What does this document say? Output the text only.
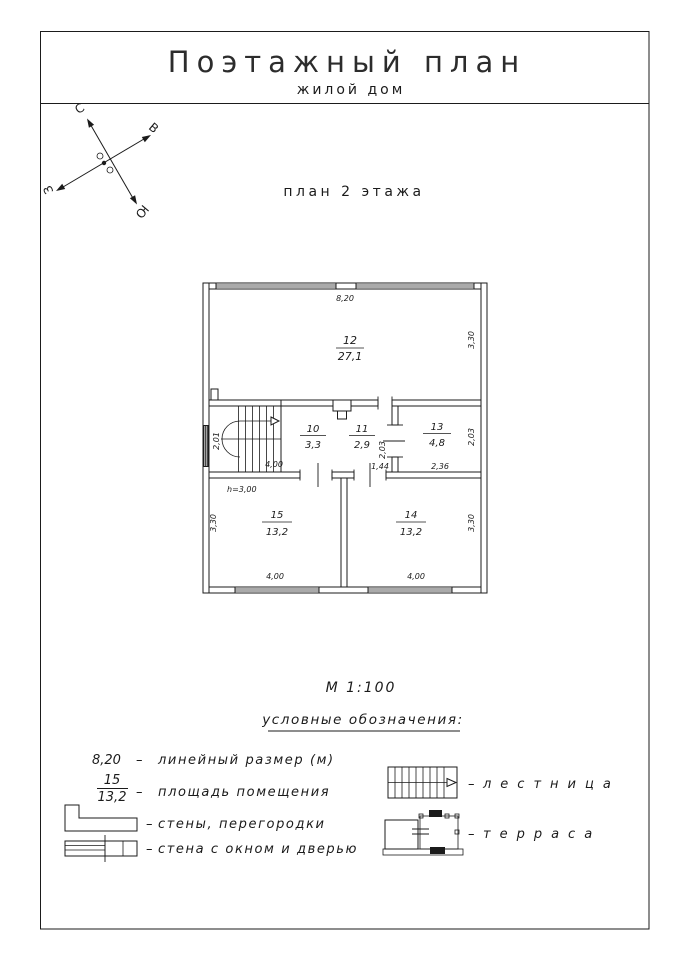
Поэтажный план
жилой дом
С
В
З
Ю
план 2 этажа
12
27,1
10
3,3
11
2,9
13
4,8
15
13,2
14
13,2
8,20
3,30
2,01
4,00
2,03
2,03
1,44	2,36
h=3,00
3,30	3,30
4,00	4,00
М 1:100
условные обозначения:
8,20 – линейный размер (м)
15
13,2 – площадь помещения
– стены, перегородки
– стена с окном и дверью
– лестница
– терраса
